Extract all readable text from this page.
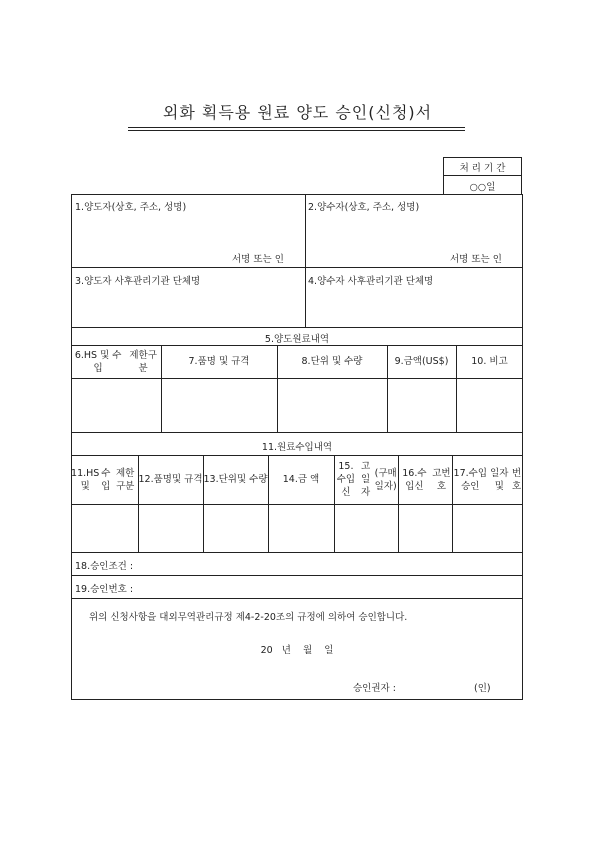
외화 획득용 원료 양도 승인(신청)서
처 리 기 간
○○일
1.양도자(상호, 주소, 성명)
서명 또는 인
2.양수자(상호, 주소, 성명)
서명 또는 인
3.양도자 사후관리기관 단체명	4.양수자 사후관리기관 단체명
5.양도원료내역
6.HS 및 수입
제한구분
7.품명 및 규격	8.단위 및 수량	9.금액(US$) 10. 비고
11.원료수입내역
11.HS 및
수입
제한구분
12.품명 및 규격 13.단위 및 수량 14.금 액
15.수입신
고일자
(구매일자)
16.수입신
고번호
17.수입승인
일자 및
번호
18.승인조건 :
19.승인번호 :
위의 신청사항을 대외무역관리규정 제4-2-20조의 규정에 의하여 승인합니다.
20   년    월    일
승인권자 :	(인)
